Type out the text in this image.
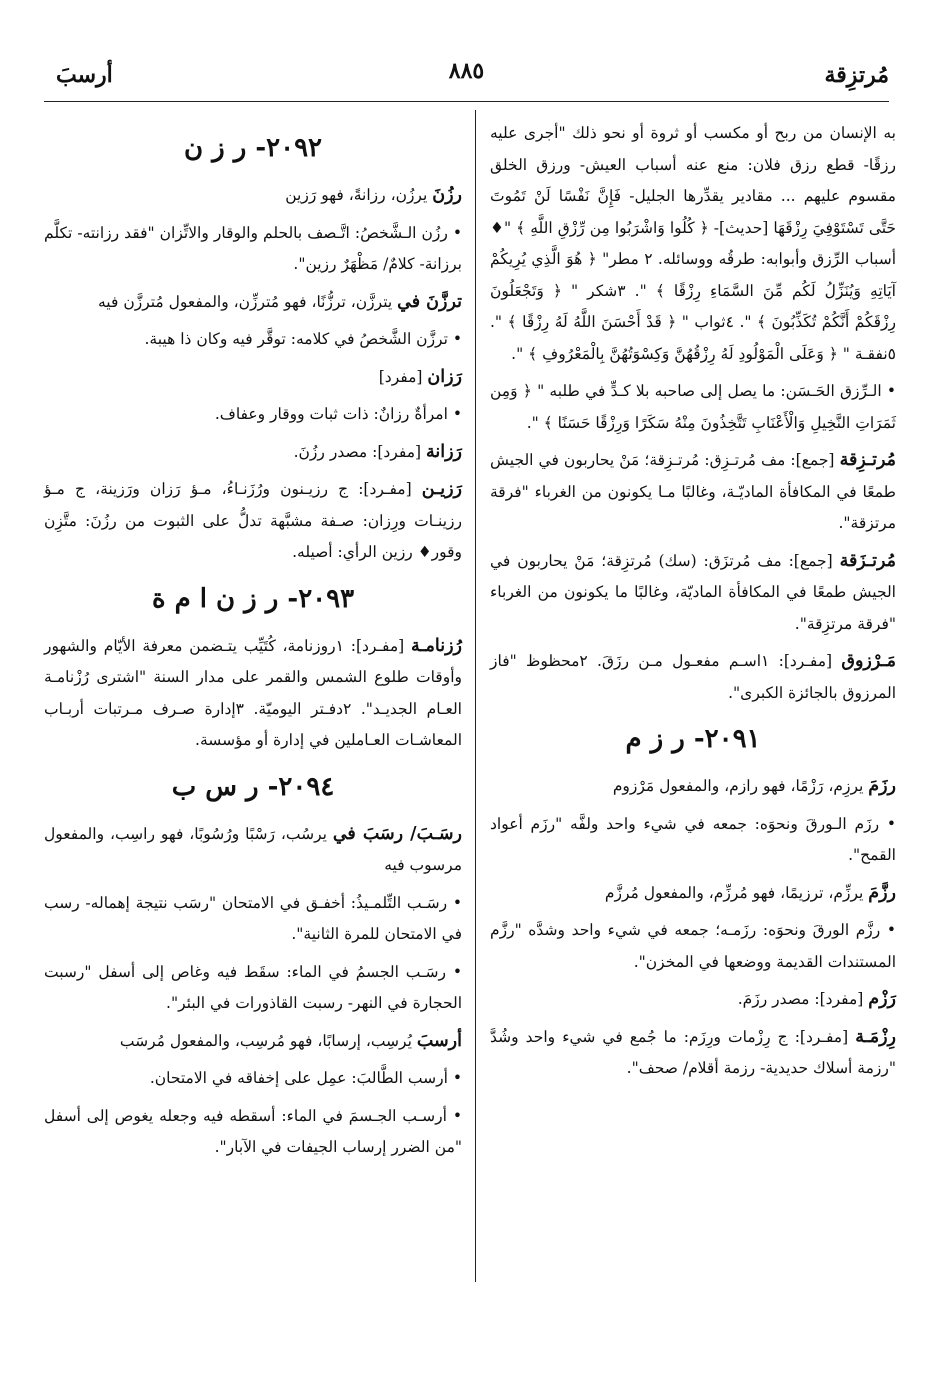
أرسبَ	٨٨٥	مُرتزِقة

به الإنسان من ربح أو مكسب أو ثروة أو نحو ذلك "أجرى عليه رزقًا- قطع رزق فلان: منع عنه أسباب العيش- ورزق الخلق مقسوم عليهم ... مقادير يقدِّرها الجليل- فَإِنَّ نَفْسًا لَنْ تَمُوتَ حَتَّى تَسْتَوْفِيَ رِزْقَهَا [حديث]- ﴿ كُلُوا وَاشْرَبُوا مِن رِّزْقِ اللَّهِ ﴾ "♦ أسباب الرِّزق وأبوابه: طرقُه ووسائله. ٢ مطر" ﴿ هُوَ الَّذِي يُرِيكُمْ آيَاتِهِ وَيُنَزِّلُ لَكُم مِّنَ السَّمَاءِ رِزْقًا ﴾ ". ٣شكر " ﴿ وَتَجْعَلُونَ رِزْقَكُمْ أَنَّكُمْ تُكَذِّبُونَ ﴾ ". ٤ثواب " ﴿ قَدْ أَحْسَنَ اللَّهُ لَهُ رِزْقًا ﴾ ". ٥نفقـة " ﴿ وَعَلَى الْمَوْلُودِ لَهُ رِزْقُهُنَّ وَكِسْوَتُهُنَّ بِالْمَعْرُوفِ ﴾ ".

• الـرِّزق الحَـسَن: ما يصل إلى صاحبه بلا كـدٍّ في طلبه " ﴿ وَمِن ثَمَرَاتِ النَّخِيلِ وَالْأَعْنَابِ تَتَّخِذُونَ مِنْهُ سَكَرًا وَرِزْقًا حَسَنًا ﴾ ".

مُرتـزِقة [جمع]: مف مُرتـزِق: مُرتـزِقة؛ مَنْ يحاربون في الجيش طمعًا في المكافأة الماديّـة، وغالبًا مـا يكونون من الغرباء "فرقة مرتزقة".

مُرتـزَقة [جمع]: مف مُرتزَق: (سك) مُرتزِقة؛ مَنْ يحاربون في الجيش طمعًا في المكافأة الماديّة، وغالبًا ما يكونون من الغرباء "فرقة مرتزِقة".

مَـرْزوق [مفـرد]: ١اسـم مفعـول مـن رزَقَ. ٢محظوظ "فاز المرزوق بالجائزة الكبرى".

٢٠٩١- ر ز م

رزَمَ يرزِم، رَزْمًا، فهو رازم، والمفعول مَرْزوم

• رزَم الـورقَ ونحوَه: جمعه في شيء واحد ولفَّه "رزَم أعواد القمح".

رزَّمَ يرزِّم، ترزيمًا، فهو مُرزِّم، والمفعول مُرزَّم

• رزَّم الورقَ ونحوَه: رزَمـه؛ جمعه في شيء واحد وشدَّه "رزَّم المستندات القديمة ووضعها في المخزن".

رَزْم [مفرد]: مصدر رزَمَ.

رِزْمَـة [مفـرد]: ج رِزْمات ورِزَم: ما جُمع في شيء واحد وشُدَّ "رزمة أسلاك حديدية- رزمة أقلام/ صحف".

٢٠٩٢- ر ز ن

رزُنَ يرزُن، رزانةً، فهو رَزين

• رزُن الـشَّخصُ: اتَّـصف بالحلم والوقار والاتِّزان "فقد رزانته- تكلَّم برزانة- كلامٌ/ مَظْهَرٌ رزين".

ترزَّنَ في يترزَّن، ترزُّنًا، فهو مُترزِّن، والمفعول مُترزَّن فيه

• ترزَّن الشَّخصُ في كلامه: توقَّر فيه وكان ذا هيبة.

رَزان [مفرد]

• امرأةٌ رزانٌ: ذات ثبات ووقار وعفاف.

رَزانة [مفرد]: مصدر رزُنَ.

رَزيـن [مفـرد]: ج رزيـنون ورُزَنـاءُ، مـؤ رَزان ورَزينة، ج مـؤ رزينـات ورِزان: صـفة مشبَّهة تدلُّ على الثبوت من رزُنَ: متَّزِن وقور♦ رزين الرأي: أصيله.

٢٠٩٣- ر ز ن ا م ة

رُزنامـة [مفـرد]: ١روزنامة، كُتَيِّب يتـضمن معرفة الأيّام والشهور وأوقات طلوع الشمس والقمر على مدار السنة "اشترى رُزْنامـة العـام الجديـد". ٢دفـتر اليوميّة. ٣إدارة صـرف مـرتبات أربـاب المعاشـات العـاملين في إدارة أو مؤسسة.

٢٠٩٤- ر س ب

رسَـبَ/ رسَبَ في يرسُب، رَسْبًا ورُسُوبًا، فهو راسِب، والمفعول مرسوب فيه

• رسَـب التِّلمـيذُ: أخفـق في الامتحان "رسَب نتيجة إهماله- رسب في الامتحان للمرة الثانية".

• رسَـب الجسمُ في الماء: سقَط فيه وغاص إلى أسفل "رسبت الحجارة في النهر- رسبت القاذورات في البئر".

أرسبَ يُرسِب، إرسابًا، فهو مُرسِب، والمفعول مُرسَب

• أرسب الطَّالبَ: عمِل على إخفاقه في الامتحان.

• أرسـب الجـسمَ في الماء: أسقطه فيه وجعله يغوص إلى أسفل "من الضرر إرساب الجيفات في الآبار".
